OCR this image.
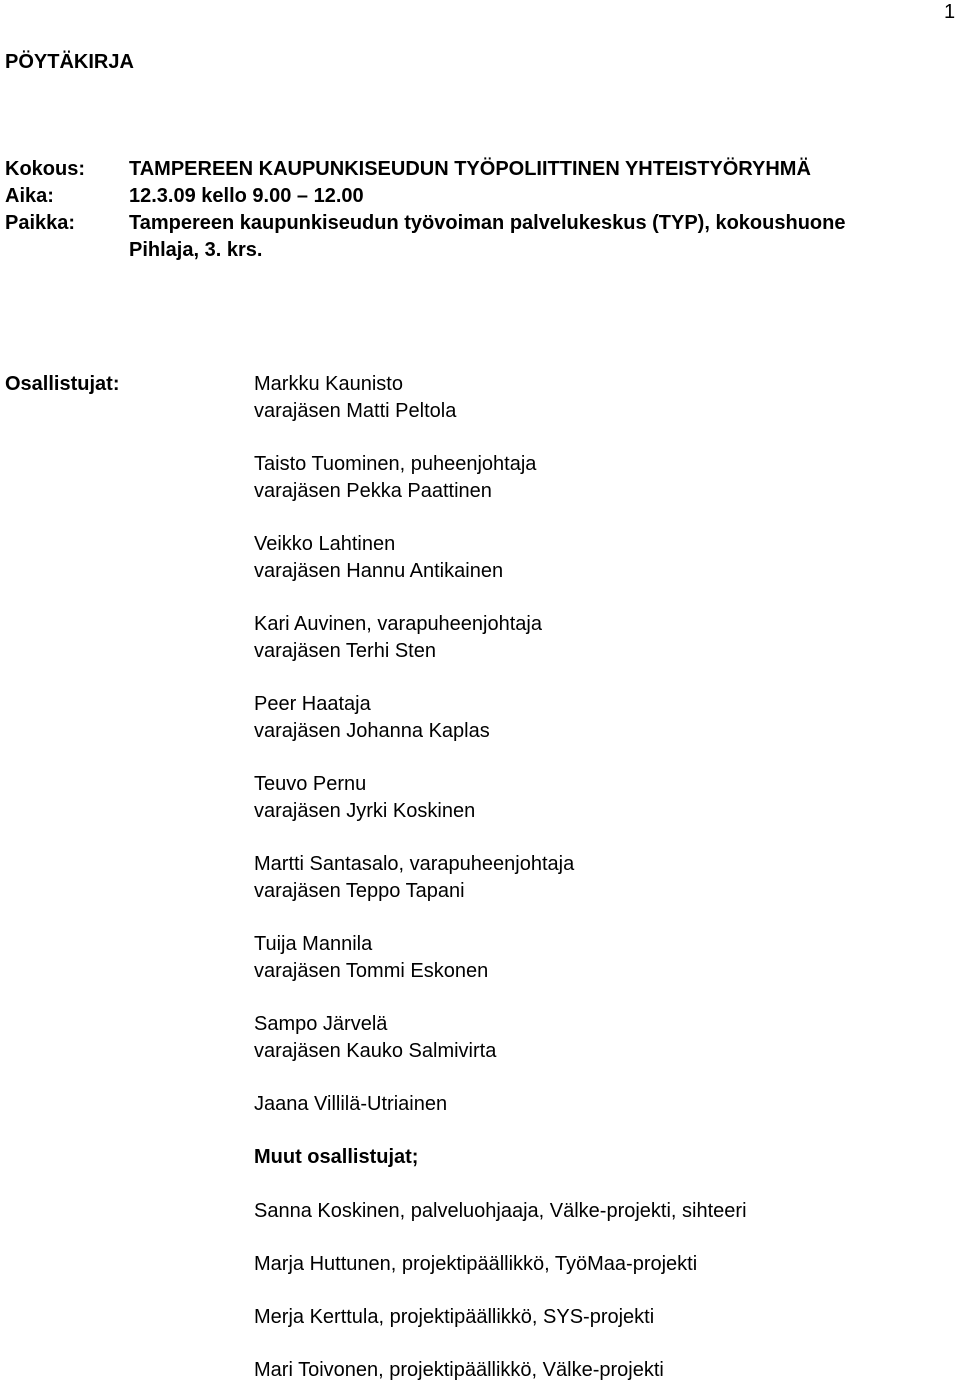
1
PÖYTÄKIRJA
Kokous: TAMPEREEN KAUPUNKISEUDUN TYÖPOLIITTINEN YHTEISTYÖRYHMÄ
Aika:	12.3.09 kello 9.00 – 12.00
Paikka:	Tampereen kaupunkiseudun työvoiman palvelukeskus (TYP), kokoushuone
Pihlaja, 3. krs.
Osallistujat:	Markku Kaunisto
varajäsen Matti Peltola
Taisto Tuominen, puheenjohtaja
varajäsen Pekka Paattinen
Veikko Lahtinen
varajäsen Hannu Antikainen
Kari Auvinen, varapuheenjohtaja
varajäsen Terhi Sten
Peer Haataja
varajäsen Johanna Kaplas
Teuvo Pernu
varajäsen Jyrki Koskinen
Martti Santasalo, varapuheenjohtaja
varajäsen Teppo Tapani
Tuija Mannila
varajäsen Tommi Eskonen
Sampo Järvelä
varajäsen Kauko Salmivirta
Jaana Villilä-Utriainen
Muut osallistujat;
Sanna Koskinen, palveluohjaaja, Välke-projekti, sihteeri
Marja Huttunen, projektipäällikkö, TyöMaa-projekti
Merja Kerttula, projektipäällikkö, SYS-projekti
Mari Toivonen, projektipäällikkö, Välke-projekti
